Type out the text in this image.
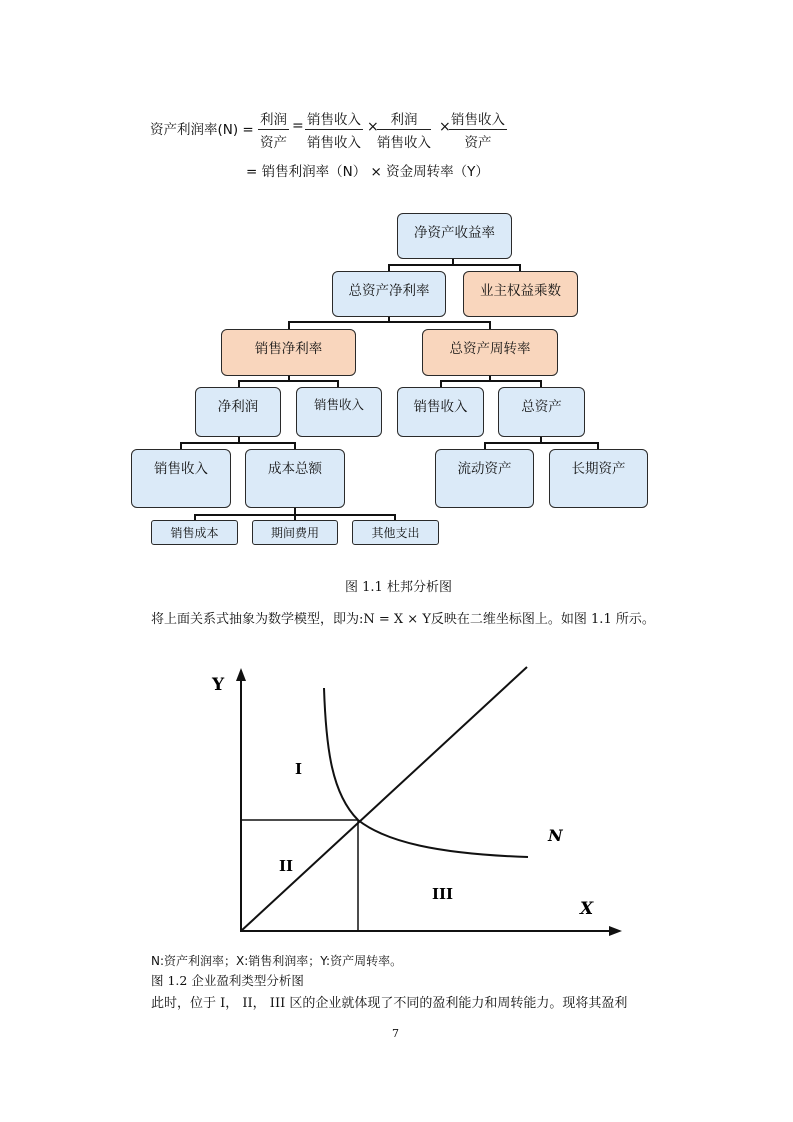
资产利润率(N) =
利润
资产
= 销售收入
销售收入
× 利润
销售收入
× 销售收入
资产
= 销售利润率（N） × 资金周转率（Y）
净资产收益率
总资产净利率	业主权益乘数
销售净利率	总资产周转率
净利润	销售收入	销售收入	总资产
销售收入	成本总额	流动资产	长期资产
销售成本	期间费用	其他支出
图 1.1 杜邦分析图
将上面关系式抽象为数学模型，即为:N = X × Y反映在二维坐标图上。如图 1.1 所示。
Y
X
N
I
II
III
N:资产利润率；X:销售利润率；Y:资产周转率。
图 1.2 企业盈利类型分析图
此时，位于 I， II， III 区的企业就体现了不同的盈利能力和周转能力。现将其盈利
7
